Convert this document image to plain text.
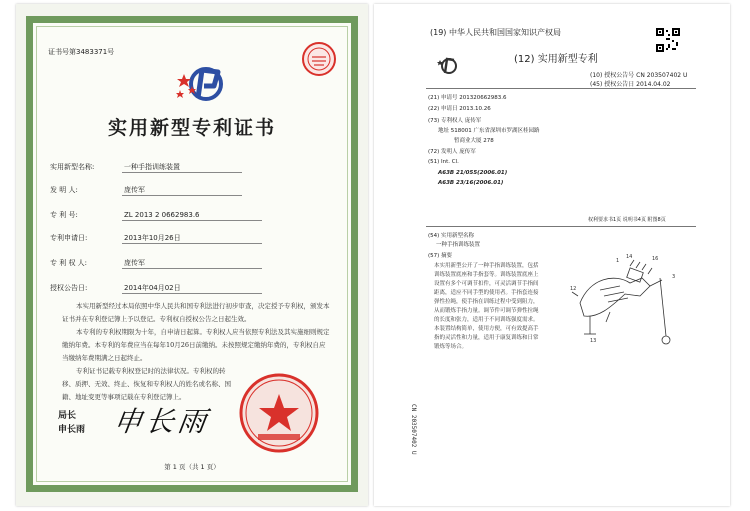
证书号第3483371号
实用新型专利证书
实用新型名称:	一种手指训练装置
发 明 人:	庞传军
专 利 号:	ZL 2013 2 0662983.6
专利申请日:	2013年10月26日
专 利 权 人:	庞传军
授权公告日:	2014年04月02日
本实用新型经过本局依照中华人民共和国专利法进行初步审查，决定授予专利权，颁发本证书并在专利登记簿上予以登记。专利权自授权公告之日起生效。
本专利的专利权期限为十年，自申请日起算。专利权人应当依照专利法及其实施细则规定缴纳年费。本专利的年费应当在每年10月26日前缴纳。未按照规定缴纳年费的，专利权自应当缴纳年费期满之日起终止。
专利证书记载专利权登记时的法律状况。专利权的转移、质押、无效、终止、恢复和专利权人的姓名或名称、国籍、地址变更等事项记载在专利登记簿上。
局长
申长雨 申长雨
第 1 页（共 1 页）
(19) 中华人民共和国国家知识产权局
(12) 实用新型专利
(10) 授权公告号 CN 203507402 U
(45) 授权公告日 2014.04.02
(21) 申请号 201320662983.6
(22) 申请日 2013.10.26
(73) 专利权人 庞传军
地址 518001 广东省深圳市罗湖区桂园路
暂商业大厦 278
(72) 发明人 庞传军
(51) Int. Cl.
A63B 21/055(2006.01)
A63B 23/16(2006.01)
权利要求书1页 说明书4页 附图8页
(54) 实用新型名称
一种手指训练装置
(57) 摘要
本实用新型公开了一种手指训练装置，包括
训练装置底座和手指套等。训练装置底座上
设置有多个可调节扣件，可灵活调节手指间
距离，适应不同手型的使用者。手指套连接
弹性拉绳，使手指在训练过程中受到阻力，
从而锻炼手指力量。调节件可调节弹性拉绳
的长度和张力，适用于不同训练强度需求。
本装置结构简单，使用方便，可有效提高手
指的灵活性和力量，适用于康复训练和日常
锻炼等场合。
1
14	16
12
13
3
CN 203507402 U
